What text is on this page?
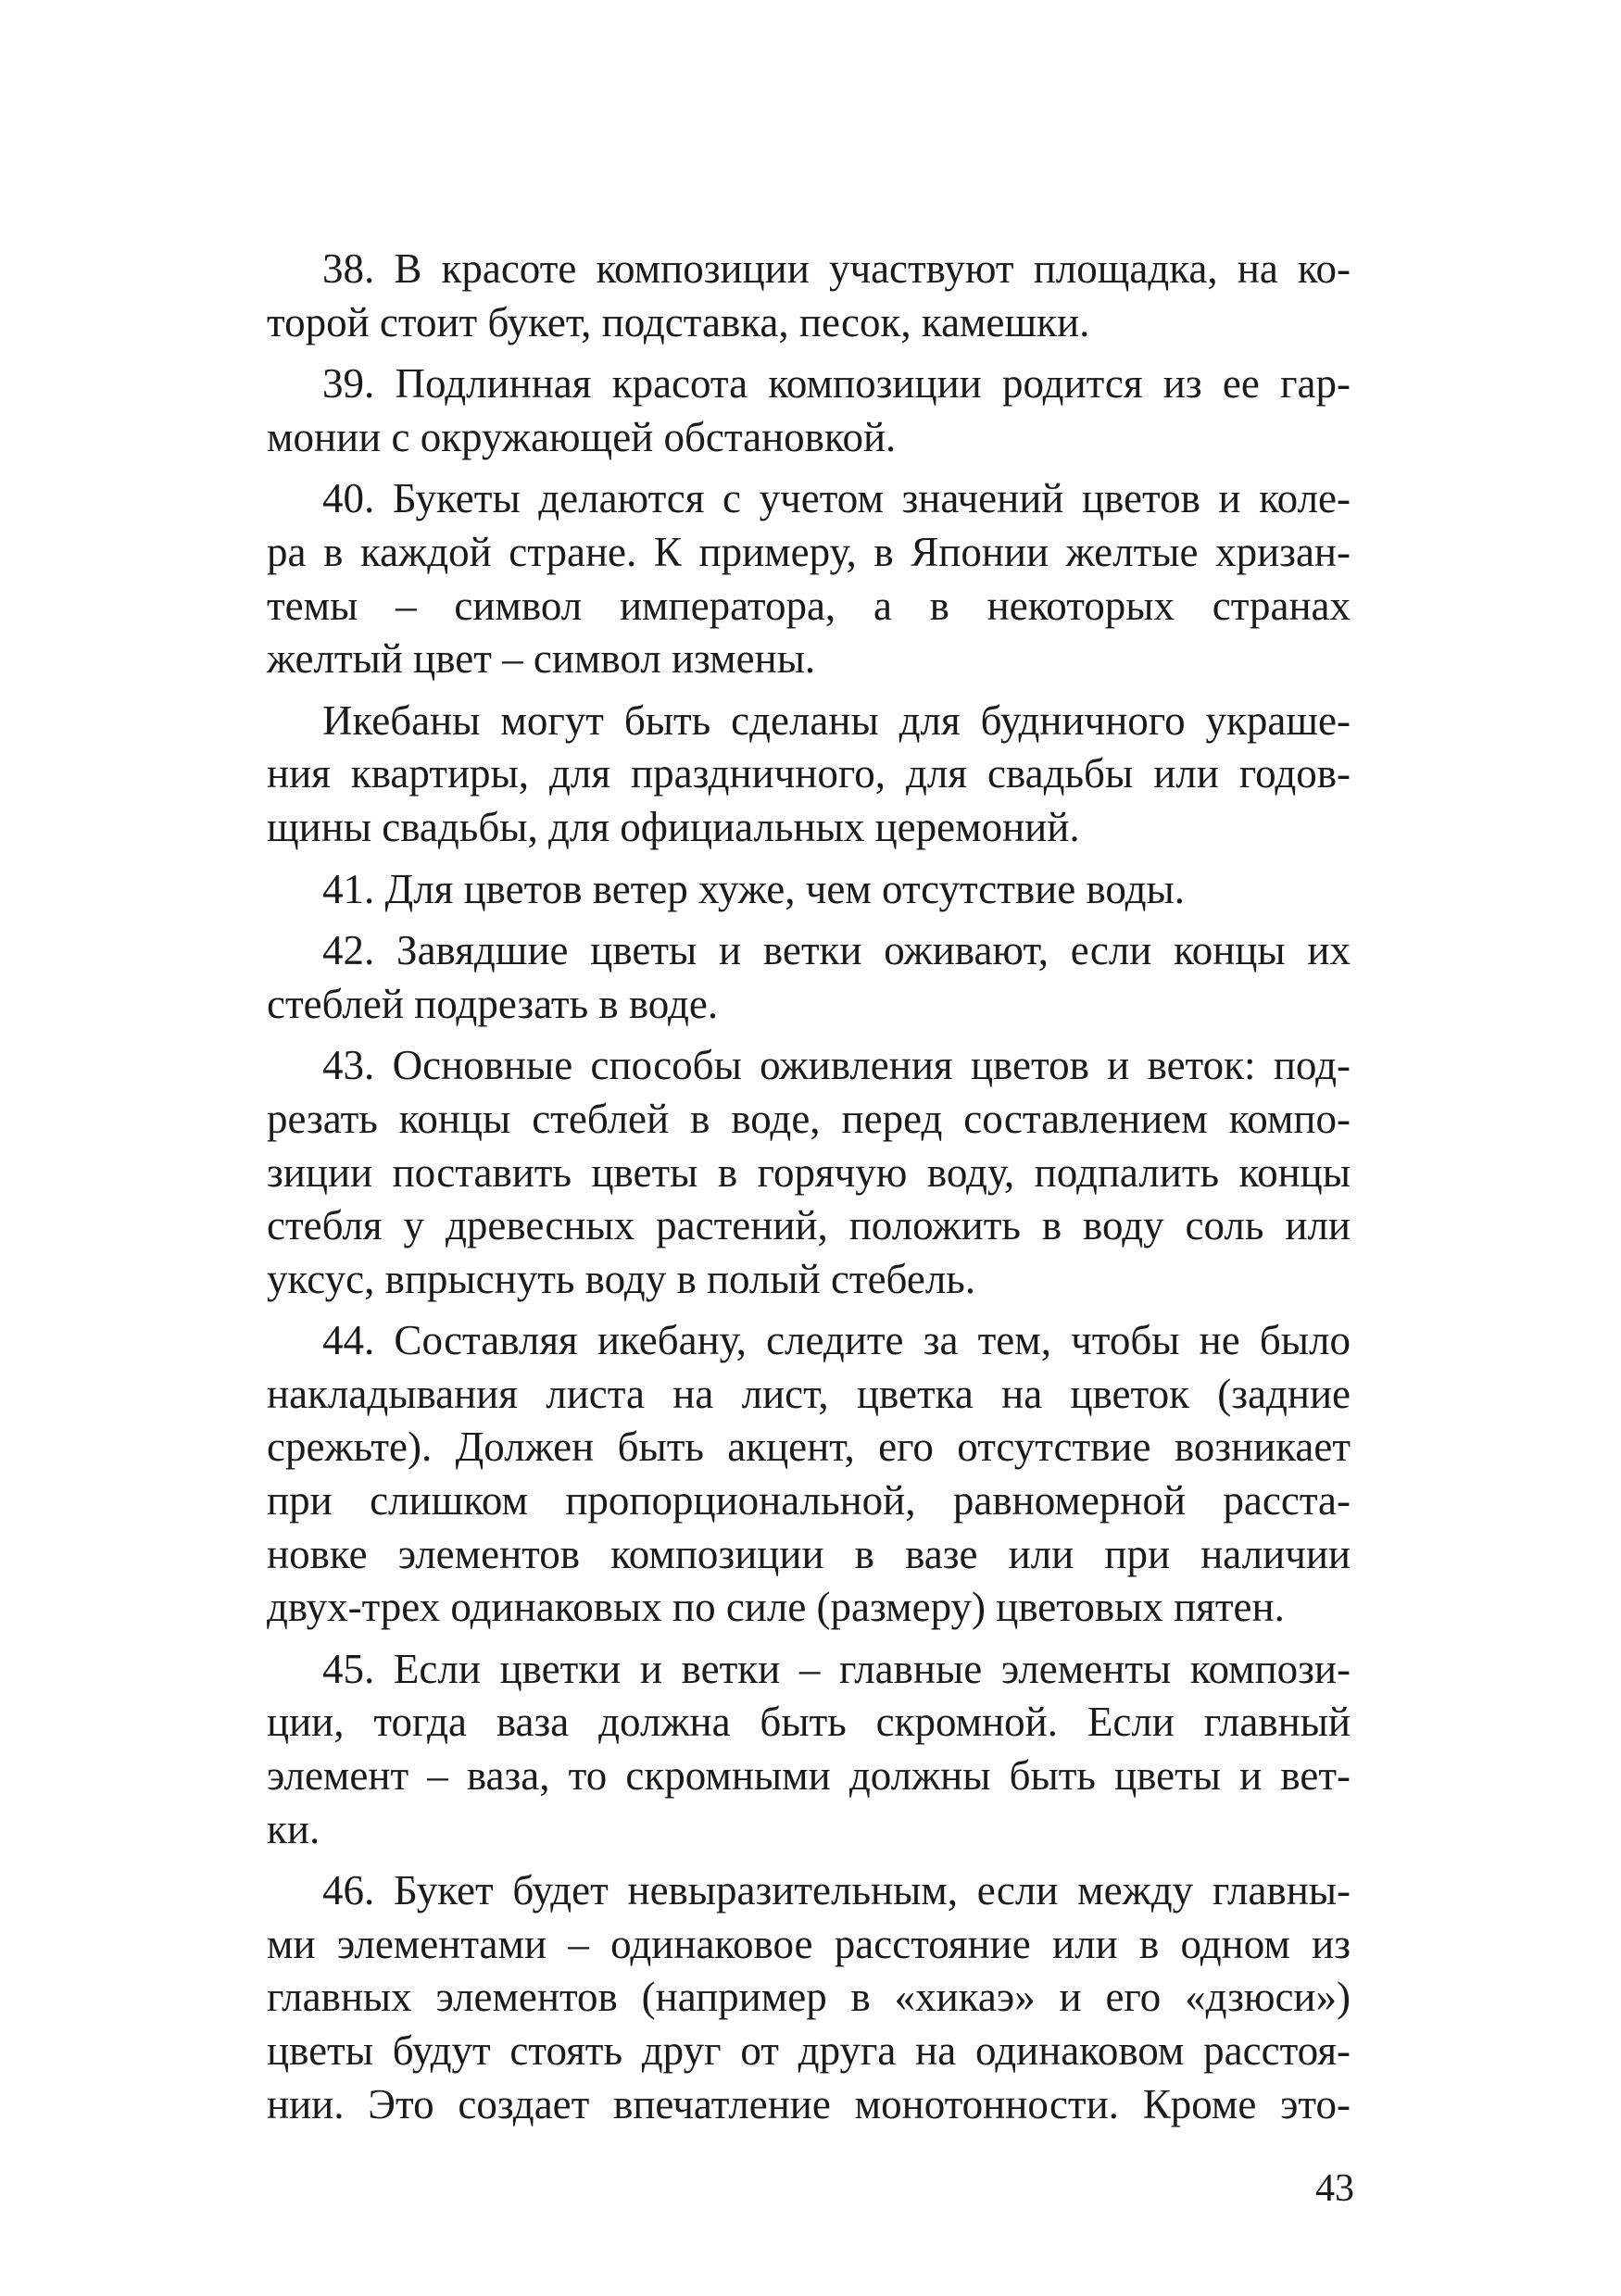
38. В красоте композиции участвуют площадка, на ко-
торой стоит букет, подставка, песок, камешки.
39. Подлинная красота композиции родится из ее гар-
монии с окружающей обстановкой.
40. Букеты делаются с учетом значений цветов и коле-
ра в каждой стране. К примеру, в Японии желтые хризан-
темы – символ императора, а в некоторых странах
желтый цвет – символ измены.
Икебаны могут быть сделаны для будничного украше-
ния квартиры, для праздничного, для свадьбы или годов-
щины свадьбы, для официальных церемоний.
41. Для цветов ветер хуже, чем отсутствие воды.
42. Завядшие цветы и ветки оживают, если концы их
стеблей подрезать в воде.
43. Основные способы оживления цветов и веток: под-
резать концы стеблей в воде, перед составлением компо-
зиции поставить цветы в горячую воду, подпалить концы
стебля у древесных растений, положить в воду соль или
уксус, впрыснуть воду в полый стебель.
44. Составляя икебану, следите за тем, чтобы не было
накладывания листа на лист, цветка на цветок (задние
срежьте). Должен быть акцент, его отсутствие возникает
при слишком пропорциональной, равномерной расста-
новке элементов композиции в вазе или при наличии
двух-трех одинаковых по силе (размеру) цветовых пятен.
45. Если цветки и ветки – главные элементы компози-
ции, тогда ваза должна быть скромной. Если главный
элемент – ваза, то скромными должны быть цветы и вет-
ки.
46. Букет будет невыразительным, если между главны-
ми элементами – одинаковое расстояние или в одном из
главных элементов (например в «хикаэ» и его «дзюси»)
цветы будут стоять друг от друга на одинаковом расстоя-
нии. Это создает впечатление монотонности. Кроме это-
43
